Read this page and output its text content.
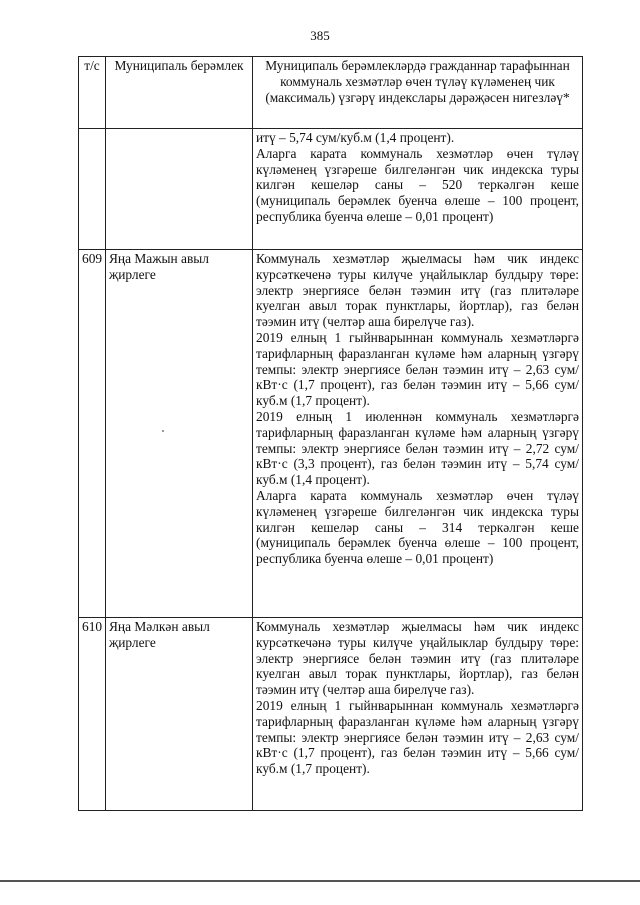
385
т/с	Муниципаль берәмлек	Муниципаль берәмлекләрдә гражданнар тарафыннан коммуналь хезмәтләр өчен түләү күләменең чик (максималь) үзгәрү индекслары дәрәҗәсен нигезләү*

		итү – 5,74 сум/куб.м (1,4 процент).
Аларга карата коммуналь хезмәтләр өчен түләү күләменең үзгәреше билгеләнгән чик индекска туры килгән кешеләр саны – 520 теркәлгән кеше (муниципаль берәмлек буенча өлеше – 100 процент, республика буенча өлеше – 0,01 процент)

609	Яңа Мажын авыл җирлеге	Коммуналь хезмәтләр җыелмасы һәм чик индекс курсәткеченә туры килүче уңайлыклар булдыру төре: электр энергиясе белән тәэмин итү (газ плитәләре куелган авыл торак пунктлары, йортлар), газ белән тәэмин итү (челтәр аша бирелүче газ).
2019 елның 1 гыйнварыннан коммуналь хезмәтләргә тарифларның фаразланган күләме һәм аларның үзгәрү темпы: электр энергиясе белән тәэмин итү – 2,63 сум/кВт·с (1,7 процент), газ белән тәэмин итү – 5,66 сум/куб.м (1,7 процент).
2019 елның 1 июленнән коммуналь хезмәтләргә тарифларның фаразланган күләме һәм аларның үзгәрү темпы: электр энергиясе белән тәэмин итү – 2,72 сум/кВт·с (3,3 процент), газ белән тәэмин итү – 5,74 сум/куб.м (1,4 процент).
Аларга карата коммуналь хезмәтләр өчен түләү күләменең үзгәреше билгеләнгән чик индекска туры килгән кешеләр саны – 314 теркәлгән кеше (муниципаль берәмлек буенча өлеше – 100 процент, республика буенча өлеше – 0,01 процент)

610	Яңа Мәлкән авыл җирлеге	Коммуналь хезмәтләр җыелмасы һәм чик индекс курсәткечәнә туры килүче уңайлыклар булдыру төре: электр энергиясе белән тәэмин итү (газ плитәләре куелган авыл торак пунктлары, йортлар), газ белән тәэмин итү (челтәр аша бирелүче газ).
2019 елның 1 гыйнварыннан коммуналь хезмәтләргә тарифларның фаразланган күләме һәм аларның үзгәрү темпы: электр энергиясе белән тәэмин итү – 2,63 сум/кВт·с (1,7 процент), газ белән тәэмин итү – 5,66 сум/куб.м (1,7 процент).
